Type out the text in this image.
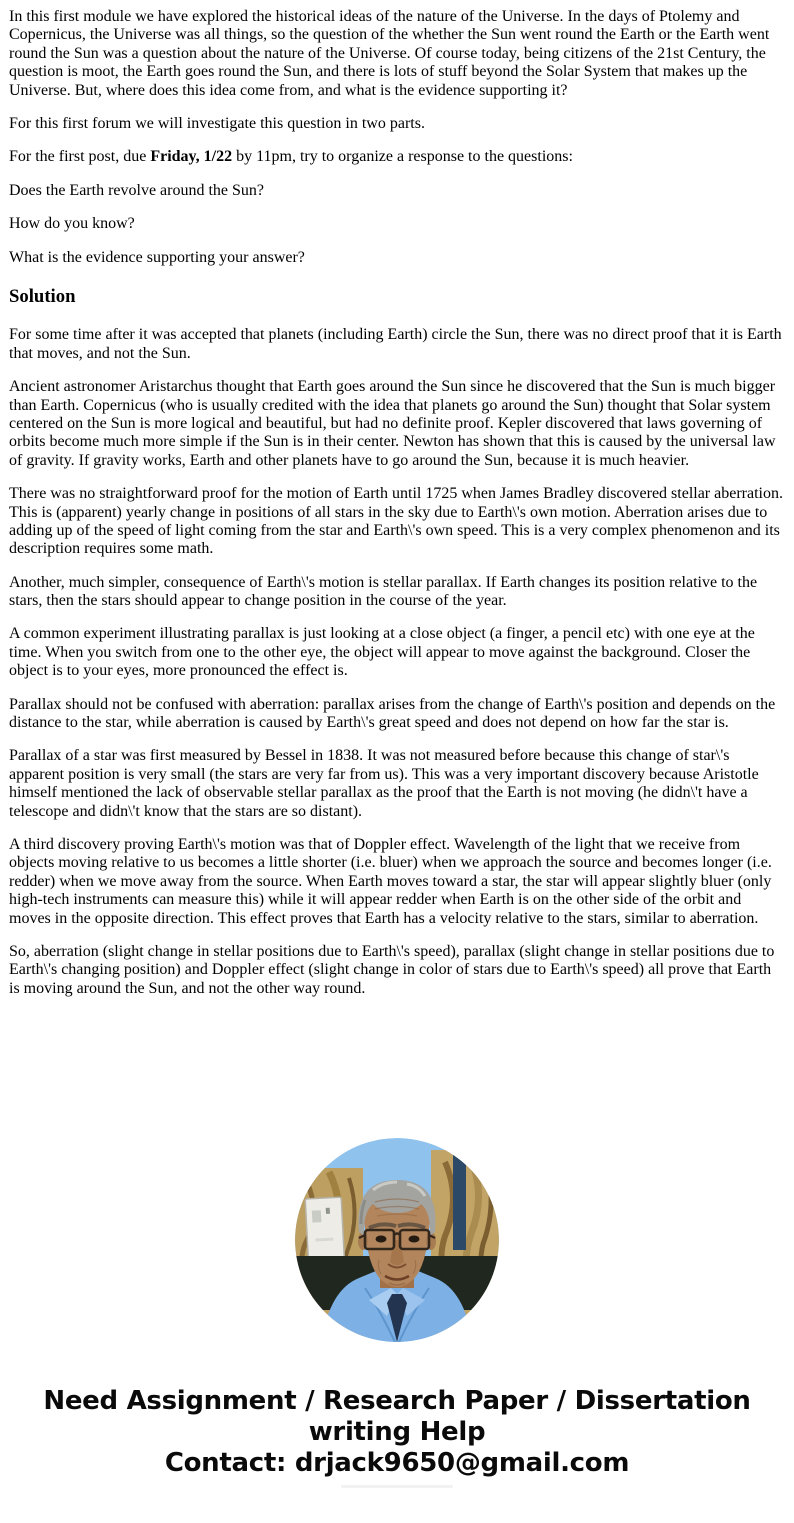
In this first module we have explored the historical ideas of the nature of the Universe. In the days of Ptolemy and Copernicus, the Universe was all things, so the question of the whether the Sun went round the Earth or the Earth went round the Sun was a question about the nature of the Universe. Of course today, being citizens of the 21st Century, the question is moot, the Earth goes round the Sun, and there is lots of stuff beyond the Solar System that makes up the Universe. But, where does this idea come from, and what is the evidence supporting it?

For this first forum we will investigate this question in two parts.

For the first post, due Friday, 1/22 by 11pm, try to organize a response to the questions:

Does the Earth revolve around the Sun?

How do you know?

What is the evidence supporting your answer?

Solution

For some time after it was accepted that planets (including Earth) circle the Sun, there was no direct proof that it is Earth that moves, and not the Sun.

Ancient astronomer Aristarchus thought that Earth goes around the Sun since he discovered that the Sun is much bigger than Earth. Copernicus (who is usually credited with the idea that planets go around the Sun) thought that Solar system centered on the Sun is more logical and beautiful, but had no definite proof. Kepler discovered that laws governing of orbits become much more simple if the Sun is in their center. Newton has shown that this is caused by the universal law of gravity. If gravity works, Earth and other planets have to go around the Sun, because it is much heavier.

There was no straightforward proof for the motion of Earth until 1725 when James Bradley discovered stellar aberration. This is (apparent) yearly change in positions of all stars in the sky due to Earth\'s own motion. Aberration arises due to adding up of the speed of light coming from the star and Earth\'s own speed. This is a very complex phenomenon and its description requires some math.

Another, much simpler, consequence of Earth\'s motion is stellar parallax. If Earth changes its position relative to the stars, then the stars should appear to change position in the course of the year.

A common experiment illustrating parallax is just looking at a close object (a finger, a pencil etc) with one eye at the time. When you switch from one to the other eye, the object will appear to move against the background. Closer the object is to your eyes, more pronounced the effect is.

Parallax should not be confused with aberration: parallax arises from the change of Earth\'s position and depends on the distance to the star, while aberration is caused by Earth\'s great speed and does not depend on how far the star is.

Parallax of a star was first measured by Bessel in 1838. It was not measured before because this change of star\'s apparent position is very small (the stars are very far from us). This was a very important discovery because Aristotle himself mentioned the lack of observable stellar parallax as the proof that the Earth is not moving (he didn\'t have a telescope and didn\'t know that the stars are so distant).

A third discovery proving Earth\'s motion was that of Doppler effect. Wavelength of the light that we receive from objects moving relative to us becomes a little shorter (i.e. bluer) when we approach the source and becomes longer (i.e. redder) when we move away from the source. When Earth moves toward a star, the star will appear slightly bluer (only high-tech instruments can measure this) while it will appear redder when Earth is on the other side of the orbit and moves in the opposite direction. This effect proves that Earth has a velocity relative to the stars, similar to aberration.

So, aberration (slight change in stellar positions due to Earth\'s speed), parallax (slight change in stellar positions due to Earth\'s changing position) and Doppler effect (slight change in color of stars due to Earth\'s speed) all prove that Earth is moving around the Sun, and not the other way round.

Need Assignment / Research Paper / Dissertation
writing Help
Contact: drjack9650@gmail.com
